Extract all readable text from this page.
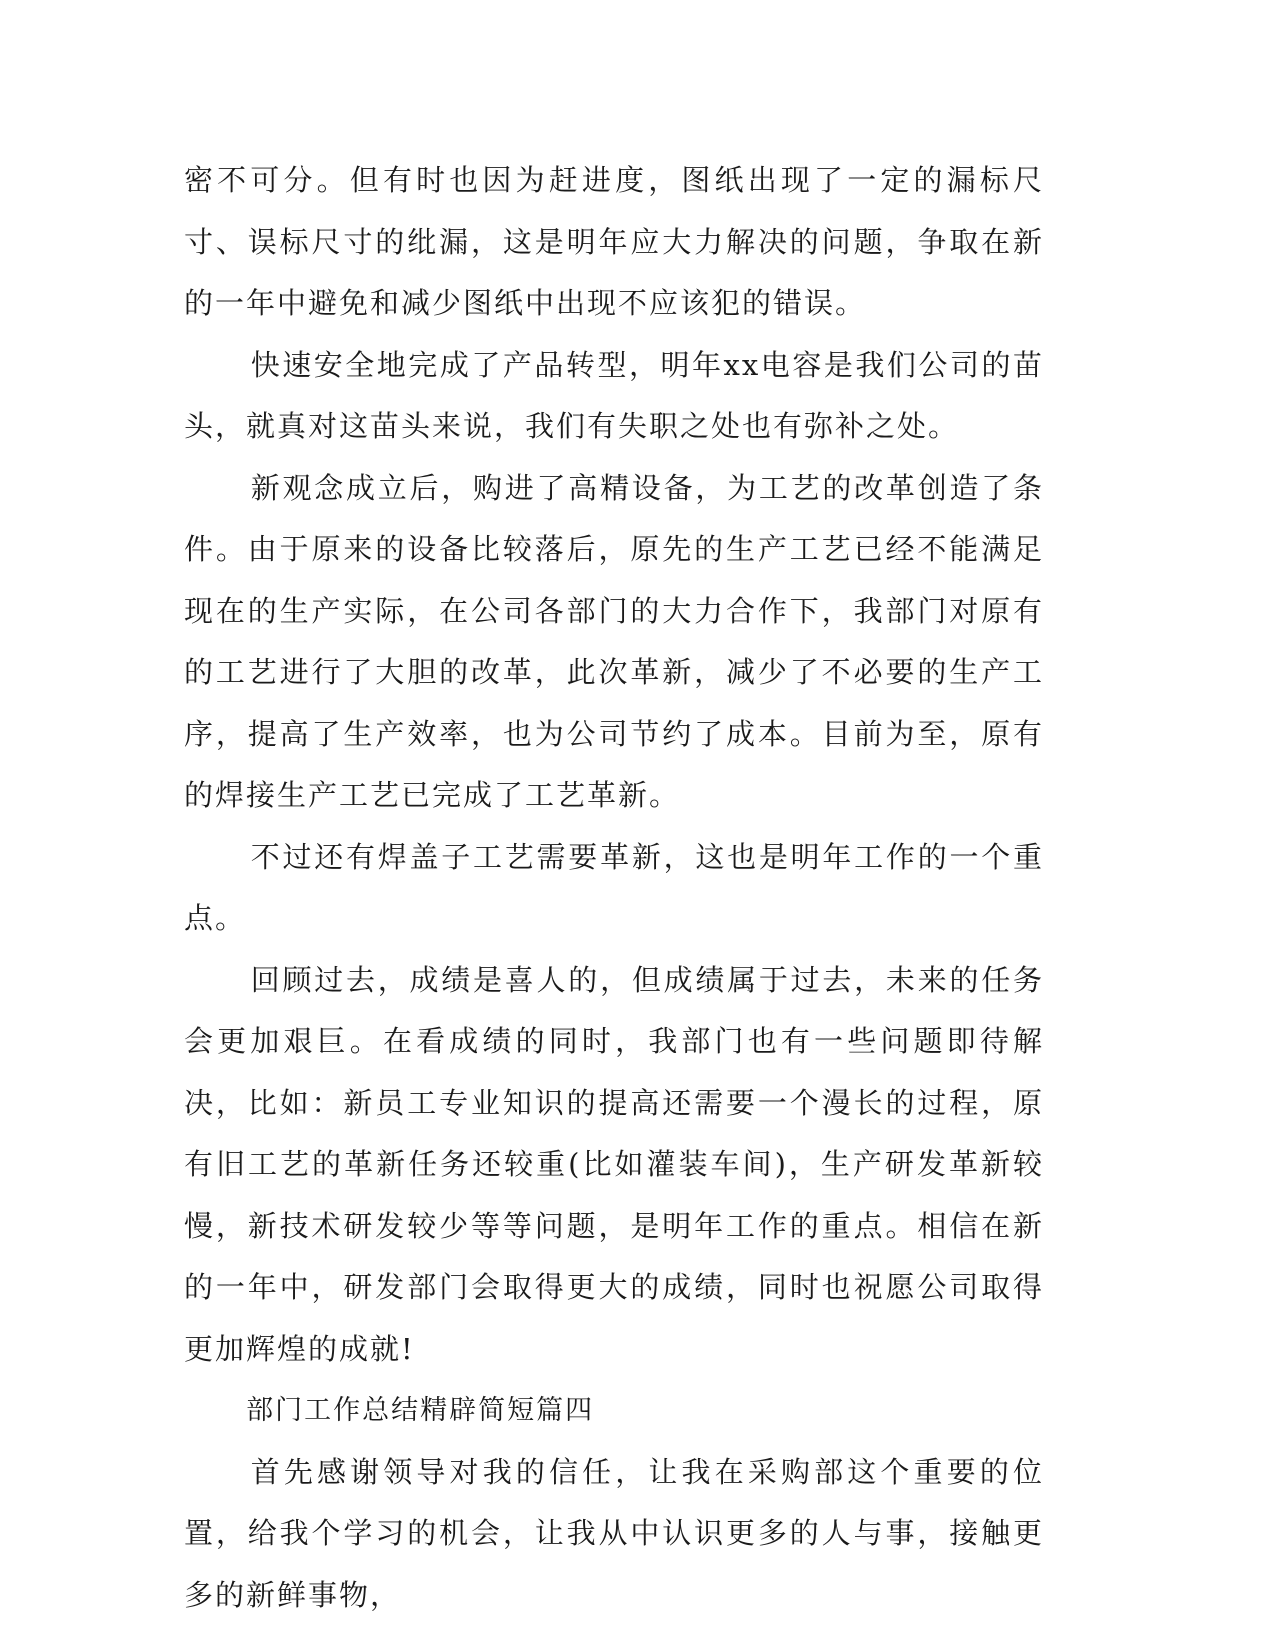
密不可分。但有时也因为赶进度，图纸出现了一定的漏标尺寸、误标尺寸的纰漏，这是明年应大力解决的问题，争取在新的一年中避免和减少图纸中出现不应该犯的错误。

快速安全地完成了产品转型，明年xx电容是我们公司的苗头，就真对这苗头来说，我们有失职之处也有弥补之处。

新观念成立后，购进了高精设备，为工艺的改革创造了条件。由于原来的设备比较落后，原先的生产工艺已经不能满足现在的生产实际，在公司各部门的大力合作下，我部门对原有的工艺进行了大胆的改革，此次革新，减少了不必要的生产工序，提高了生产效率，也为公司节约了成本。目前为至，原有的焊接生产工艺已完成了工艺革新。

不过还有焊盖子工艺需要革新，这也是明年工作的一个重点。

回顾过去，成绩是喜人的，但成绩属于过去，未来的任务会更加艰巨。在看成绩的同时，我部门也有一些问题即待解决，比如：新员工专业知识的提高还需要一个漫长的过程，原有旧工艺的革新任务还较重(比如灌装车间)，生产研发革新较慢，新技术研发较少等等问题，是明年工作的重点。相信在新的一年中，研发部门会取得更大的成绩，同时也祝愿公司取得更加辉煌的成就!

部门工作总结精辟简短篇四

首先感谢领导对我的信任，让我在采购部这个重要的位置，给我个学习的机会，让我从中认识更多的人与事，接触更多的新鲜事物，
